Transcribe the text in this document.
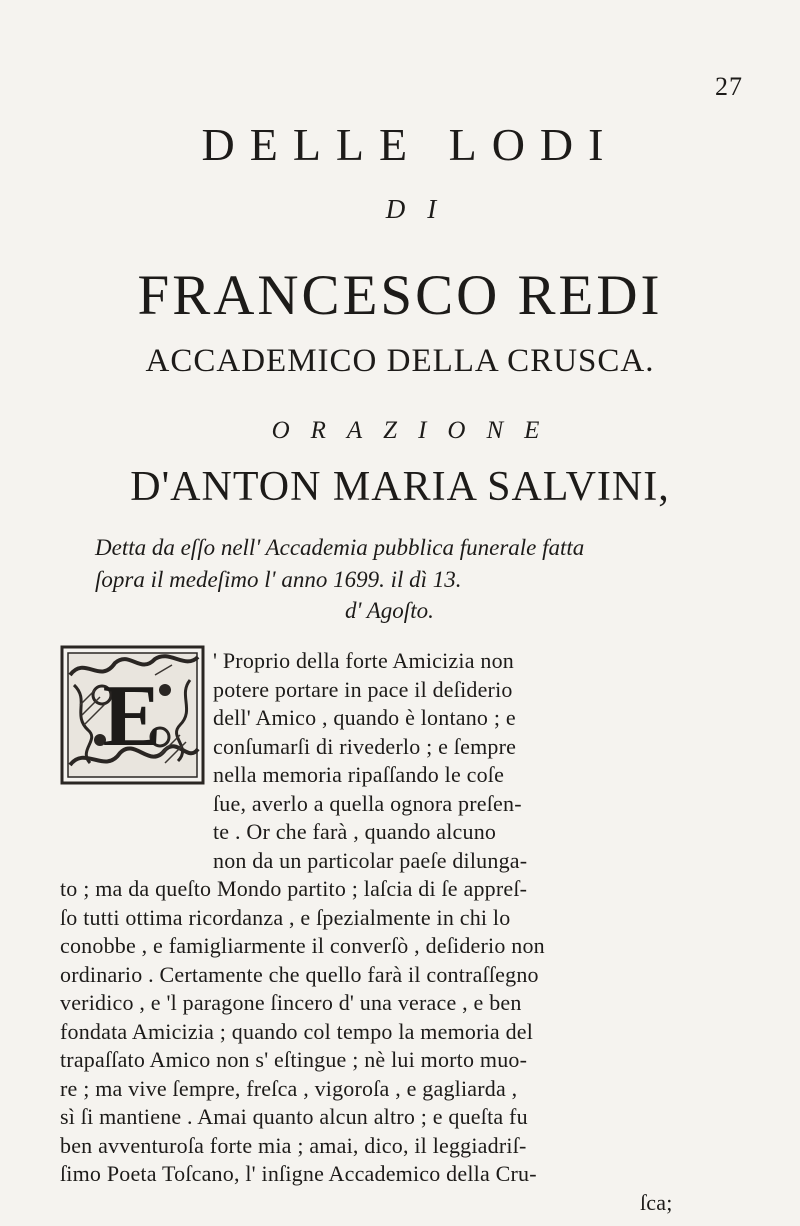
27
DELLE LODI
DI
FRANCESCO REDI
ACCADEMICO DELLA CRUSCA.
ORAZIONE
D'ANTON MARIA SALVINI,
Detta da eſſo nell' Accademia pubblica funerale fatta
ſopra il medeſimo l' anno 1699. il dì 13.
d' Agoſto.
E
' Proprio della forte Amicizia non
potere portare in pace il deſiderio
dell' Amico , quando è lontano ; e
conſumarſi di rivederlo ; e ſempre
nella memoria ripaſſando le coſe
ſue, averlo a quella ognora preſen-
te . Or che farà , quando alcuno
non da un particolar paeſe dilunga-
to ; ma da queſto Mondo partito ; laſcia di ſe appreſ-
ſo tutti ottima ricordanza , e ſpezialmente in chi lo
conobbe , e famigliarmente il converſò , deſiderio non
ordinario . Certamente che quello farà il contraſſegno
veridico , e 'l paragone ſincero d' una verace , e ben
fondata Amicizia ; quando col tempo la memoria del
trapaſſato Amico non s' eſtingue ; nè lui morto muo-
re ; ma vive ſempre, freſca , vigoroſa , e gagliarda ,
sì ſi mantiene . Amai quanto alcun altro ; e queſta fu
ben avventuroſa forte mia ; amai, dico, il leggiadriſ-
ſimo Poeta Toſcano, l' inſigne Accademico della Cru-
ſca;
